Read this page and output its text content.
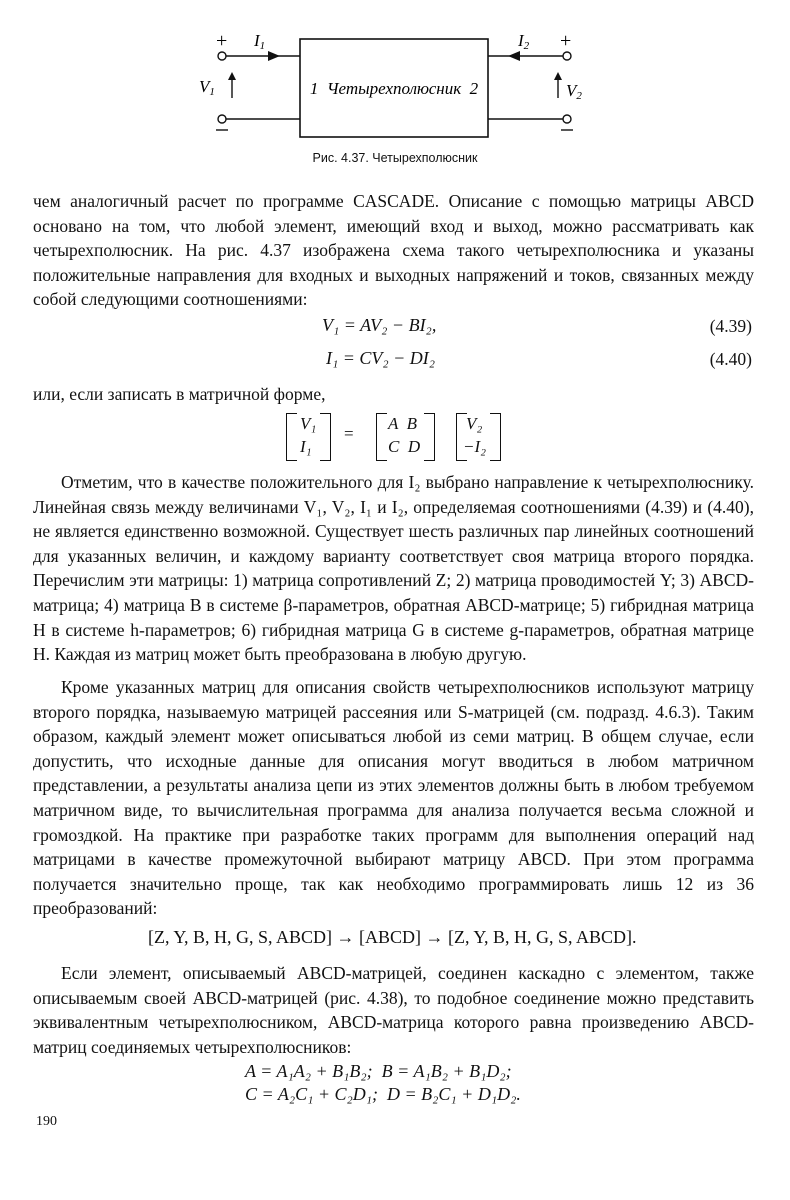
+	+
I1	I2
V1	V2
1  Четырехполюсник  2
Рис. 4.37. Четырехполюсник

чем аналогичный расчет по программе CASCADE. Описание с помощью матрицы ABCD основано на том, что любой элемент, имеющий вход и выход, можно рассматривать как четырехполюсник. На рис. 4.37 изображена схема такого четырехполюсника и указаны положительные направления для входных и выходных напряжений и токов, связанных между собой следующими соотношениями:

V₁ = AV₂ − BI₂,	(4.39)
I₁ = CV₂ − DI₂	(4.40)

или, если записать в матричной форме,

V₁
I₁
=
A  B
C  D
V₂
−I₂

Отметим, что в качестве положительного для I₂ выбрано направление к четырехполюснику. Линейная связь между величинами V₁, V₂, I₁ и I₂, определяемая соотношениями (4.39) и (4.40), не является единственно возможной. Существует шесть различных пар линейных соотношений для указанных величин, и каждому варианту соответствует своя матрица второго порядка. Перечислим эти матрицы: 1) матрица сопротивлений Z; 2) матрица проводимостей Y; 3) ABCD-матрица; 4) матрица B в системе β-параметров, обратная ABCD-матрице; 5) гибридная матрица H в системе h-параметров; 6) гибридная матрица G в системе g-параметров, обратная матрице H. Каждая из матриц может быть преобразована в любую другую.

Кроме указанных матриц для описания свойств четырехполюсников используют матрицу второго порядка, называемую матрицей рассеяния или S-матрицей (см. подразд. 4.6.3). Таким образом, каждый элемент может описываться любой из семи матриц. В общем случае, если допустить, что исходные данные для описания могут вводиться в любом матричном представлении, а результаты анализа цепи из этих элементов должны быть в любом требуемом матричном виде, то вычислительная программа для анализа получается весьма сложной и громоздкой. На практике при разработке таких программ для выполнения операций над матрицами в качестве промежуточной выбирают матрицу ABCD. При этом программа получается значительно проще, так как необходимо программировать лишь 12 из 36 преобразований:

[Z, Y, B, H, G, S, ABCD] → [ABCD] → [Z, Y, B, H, G, S, ABCD].

Если элемент, описываемый ABCD-матрицей, соединен каскадно с элементом, также описываемым своей ABCD-матрицей (рис. 4.38), то подобное соединение можно представить эквивалентным четырехполюсником, ABCD-матрица которого равна произведению ABCD-матриц соединяемых четырехполюсников:

A = A₁A₂ + B₁B₂;  B = A₁B₂ + B₁D₂;
C = A₂C₁ + C₂D₁;  D = B₂C₁ + D₁D₂.
190
